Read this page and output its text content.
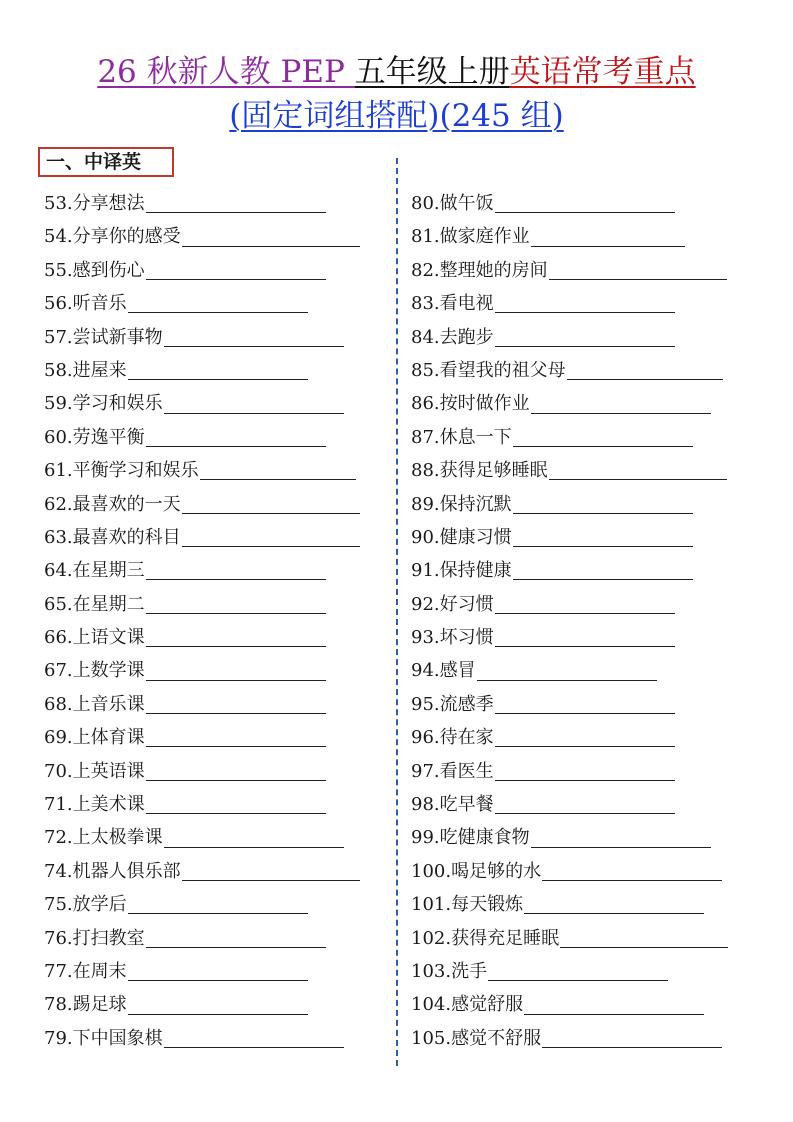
26 秋新人教 PEP 五年级上册英语常考重点
(固定词组搭配)(245 组)
一、中译英
53.分享想法
54.分享你的感受
55.感到伤心
56.听音乐
57.尝试新事物
58.进屋来
59.学习和娱乐
60.劳逸平衡
61.平衡学习和娱乐
62.最喜欢的一天
63.最喜欢的科目
64.在星期三
65.在星期二
66.上语文课
67.上数学课
68.上音乐课
69.上体育课
70.上英语课
71.上美术课
72.上太极拳课
74.机器人俱乐部
75.放学后
76.打扫教室
77.在周末
78.踢足球
79.下中国象棋
80.做午饭
81.做家庭作业
82.整理她的房间
83.看电视
84.去跑步
85.看望我的祖父母
86.按时做作业
87.休息一下
88.获得足够睡眠
89.保持沉默
90.健康习惯
91.保持健康
92.好习惯
93.坏习惯
94.感冒
95.流感季
96.待在家
97.看医生
98.吃早餐
99.吃健康食物
100.喝足够的水
101.每天锻炼
102.获得充足睡眠
103.洗手
104.感觉舒服
105.感觉不舒服
